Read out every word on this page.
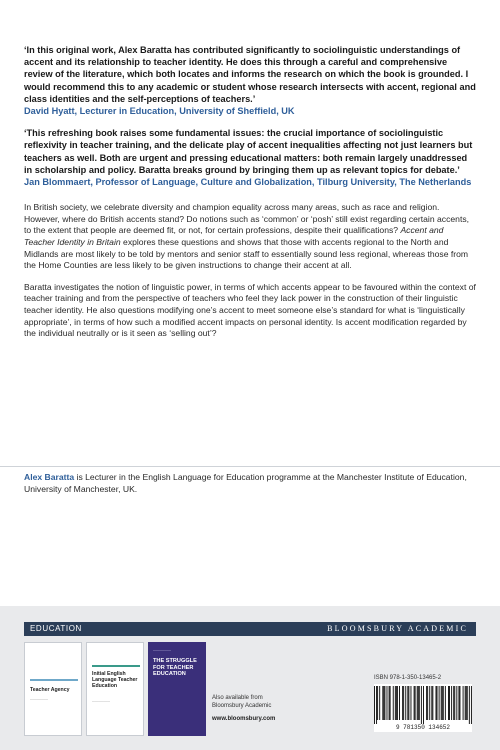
‘In this original work, Alex Baratta has contributed significantly to sociolinguistic understandings of accent and its relationship to teacher identity. He does this through a careful and comprehensive review of the literature, which both locates and informs the research on which the book is grounded. I would recommend this to any academic or student whose research intersects with accent, regional and class identities and the self-perceptions of teachers.’

David Hyatt, Lecturer in Education, University of Sheffield, UK

‘This refreshing book raises some fundamental issues: the crucial importance of sociolinguistic reflexivity in teacher training, and the delicate play of accent inequalities affecting not just learners but teachers as well. Both are urgent and pressing educational matters: both remain largely unaddressed in scholarship and policy. Baratta breaks ground by bringing them up as relevant topics for debate.’

Jan Blommaert, Professor of Language, Culture and Globalization, Tilburg University, The Netherlands

In British society, we celebrate diversity and champion equality across many areas, such as race and religion. However, where do British accents stand? Do notions such as ‘common’ or ‘posh’ still exist regarding certain accents, to the extent that people are deemed fit, or not, for certain professions, despite their qualifications? Accent and Teacher Identity in Britain explores these questions and shows that those with accents regional to the North and Midlands are most likely to be told by mentors and senior staff to essentially sound less regional, whereas those from the Home Counties are less likely to be given instructions to change their accent at all.

Baratta investigates the notion of linguistic power, in terms of which accents appear to be favoured within the context of teacher training and from the perspective of teachers who feel they lack power in the construction of their linguistic teacher identity. He also questions modifying one’s accent to meet someone else’s standard for what is ‘linguistically appropriate’, in terms of how such a modified accent impacts on personal identity. Is accent modification regarded by the individual neutrally or is it seen as ‘selling out’?

Alex Baratta is Lecturer in the English Language for Education programme at the Manchester Institute of Education, University of Manchester, UK.
EDUCATION	BLOOMSBURY ACADEMIC
Teacher Agency
────────
Initial English Language Teacher Education
────────
────────
THE STRUGGLE FOR TEACHER EDUCATION
Also available from
Bloomsbury Academic
www.bloomsbury.com
ISBN 978-1-350-13465-2
9 781350 134652
